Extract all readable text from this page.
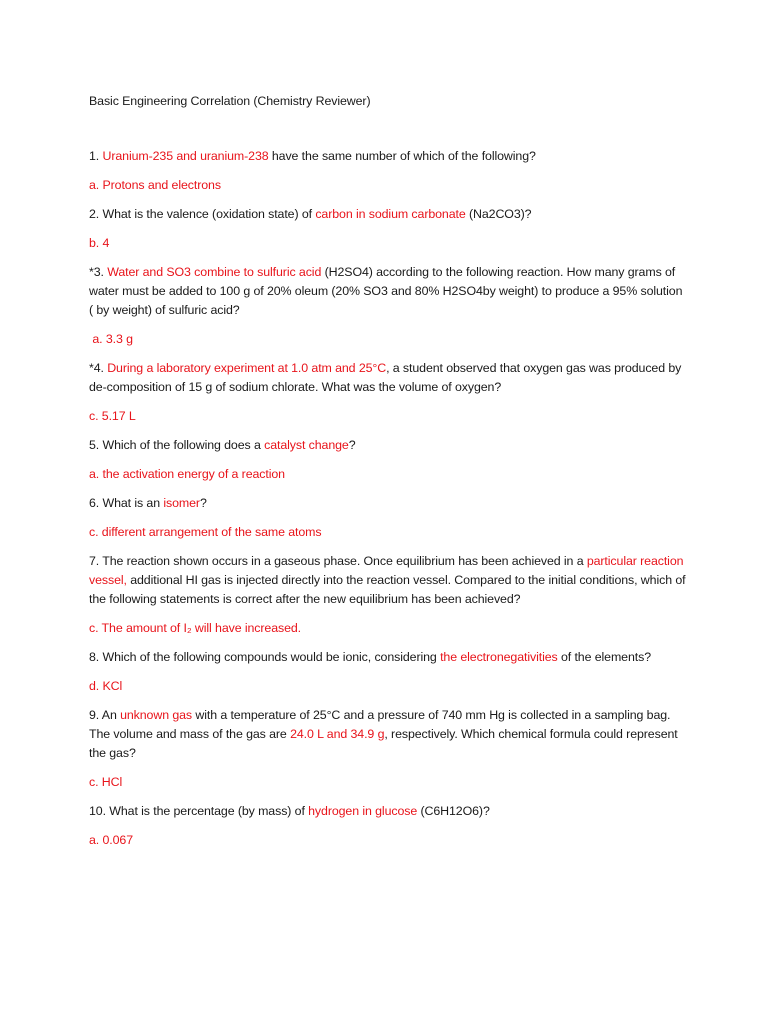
Basic Engineering Correlation (Chemistry Reviewer)

1. Uranium-235 and uranium-238 have the same number of which of the following?

a. Protons and electrons

2. What is the valence (oxidation state) of carbon in sodium carbonate (Na2CO3)?

b. 4

*3. Water and SO3 combine to sulfuric acid (H2SO4) according to the following reaction. How many grams of water must be added to 100 g of 20% oleum (20% SO3 and 80% H2SO4by weight) to produce a 95% solution ( by weight) of sulfuric acid?

a. 3.3 g

*4. During a laboratory experiment at 1.0 atm and 25°C, a student observed that oxygen gas was produced by de-composition of 15 g of sodium chlorate. What was the volume of oxygen?

c. 5.17 L

5. Which of the following does a catalyst change?

a. the activation energy of a reaction

6. What is an isomer?

c. different arrangement of the same atoms

7. The reaction shown occurs in a gaseous phase. Once equilibrium has been achieved in a particular reaction vessel, additional HI gas is injected directly into the reaction vessel. Compared to the initial conditions, which of the following statements is correct after the new equilibrium has been achieved?

c. The amount of I₂ will have increased.

8. Which of the following compounds would be ionic, considering the electronegativities of the elements?

d. KCl

9. An unknown gas with a temperature of 25°C and a pressure of 740 mm Hg is collected in a sampling bag. The volume and mass of the gas are 24.0 L and 34.9 g, respectively. Which chemical formula could represent the gas?

c. HCl

10. What is the percentage (by mass) of hydrogen in glucose (C6H12O6)?

a. 0.067
